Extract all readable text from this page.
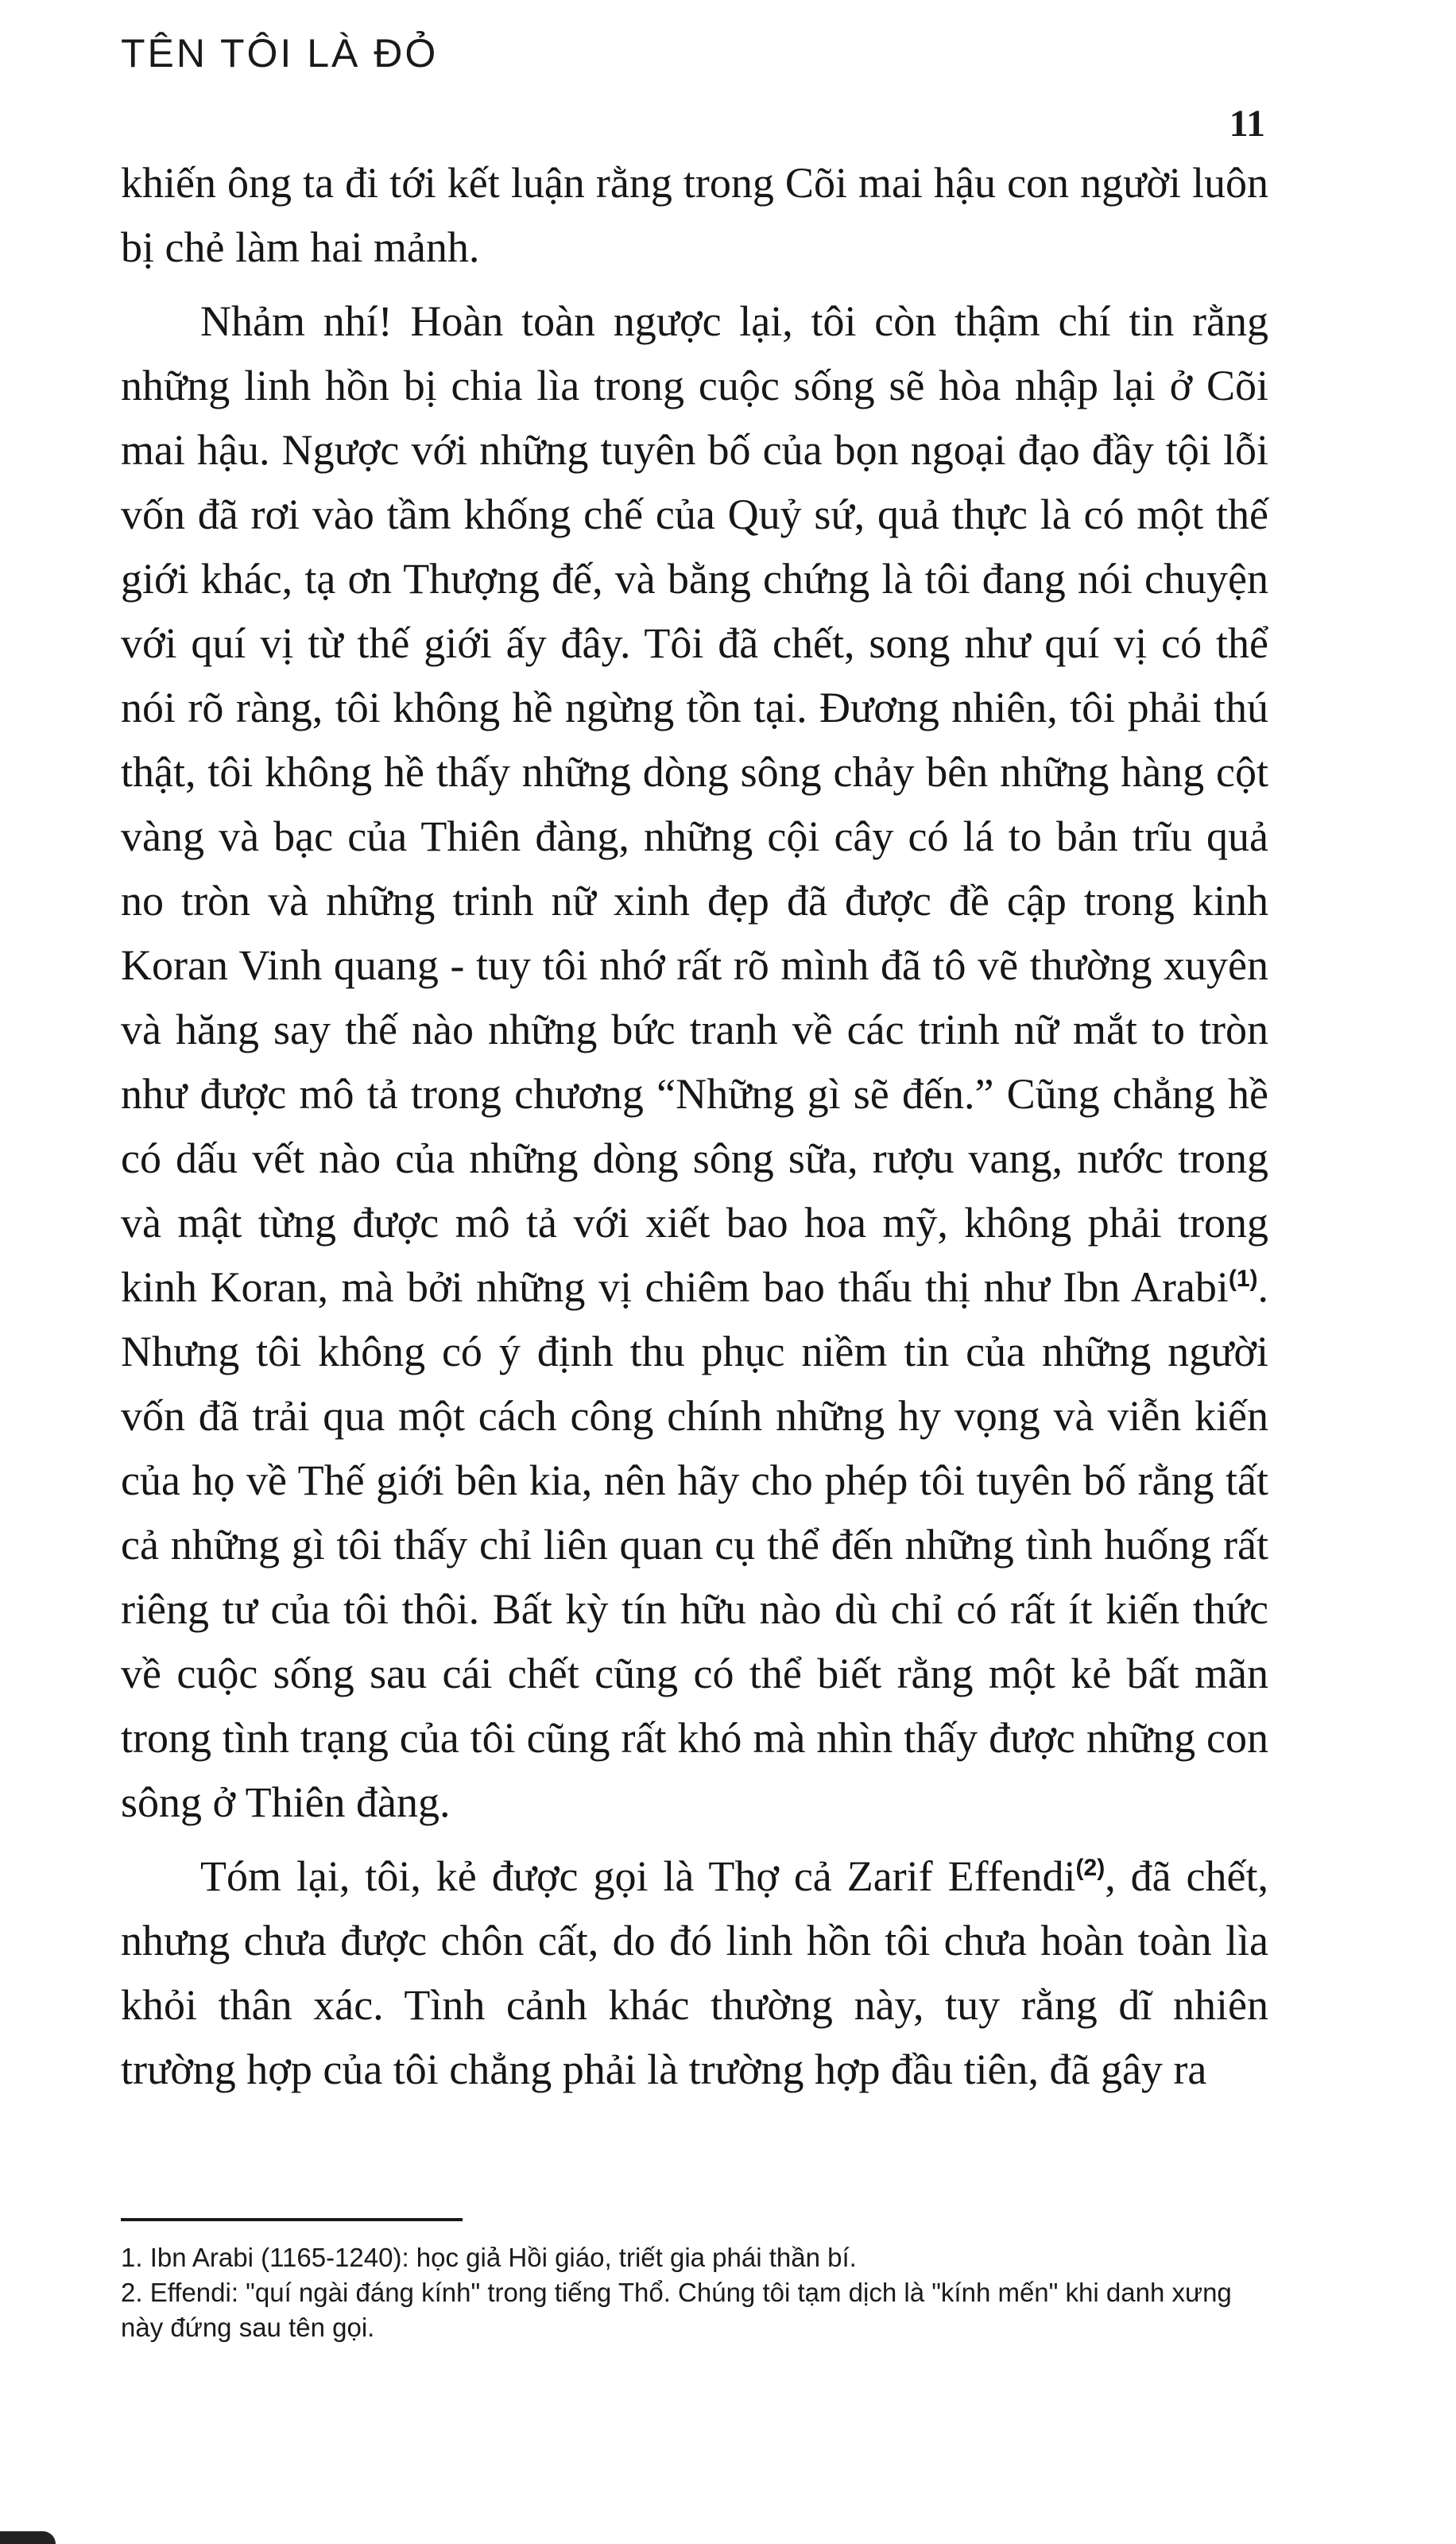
TÊN TÔI LÀ ĐỎ
11

khiến ông ta đi tới kết luận rằng trong Cõi mai hậu con người luôn bị chẻ làm hai mảnh.

Nhảm nhí! Hoàn toàn ngược lại, tôi còn thậm chí tin rằng những linh hồn bị chia lìa trong cuộc sống sẽ hòa nhập lại ở Cõi mai hậu. Ngược với những tuyên bố của bọn ngoại đạo đầy tội lỗi vốn đã rơi vào tầm khống chế của Quỷ sứ, quả thực là có một thế giới khác, tạ ơn Thượng đế, và bằng chứng là tôi đang nói chuyện với quí vị từ thế giới ấy đây. Tôi đã chết, song như quí vị có thể nói rõ ràng, tôi không hề ngừng tồn tại. Đương nhiên, tôi phải thú thật, tôi không hề thấy những dòng sông chảy bên những hàng cột vàng và bạc của Thiên đàng, những cội cây có lá to bản trĩu quả no tròn và những trinh nữ xinh đẹp đã được đề cập trong kinh Koran Vinh quang - tuy tôi nhớ rất rõ mình đã tô vẽ thường xuyên và hăng say thế nào những bức tranh về các trinh nữ mắt to tròn như được mô tả trong chương “Những gì sẽ đến.” Cũng chẳng hề có dấu vết nào của những dòng sông sữa, rượu vang, nước trong và mật từng được mô tả với xiết bao hoa mỹ, không phải trong kinh Koran, mà bởi những vị chiêm bao thấu thị như Ibn Arabi$^{(1)}$. Nhưng tôi không có ý định thu phục niềm tin của những người vốn đã trải qua một cách công chính những hy vọng và viễn kiến của họ về Thế giới bên kia, nên hãy cho phép tôi tuyên bố rằng tất cả những gì tôi thấy chỉ liên quan cụ thể đến những tình huống rất riêng tư của tôi thôi. Bất kỳ tín hữu nào dù chỉ có rất ít kiến thức về cuộc sống sau cái chết cũng có thể biết rằng một kẻ bất mãn trong tình trạng của tôi cũng rất khó mà nhìn thấy được những con sông ở Thiên đàng.

Tóm lại, tôi, kẻ được gọi là Thợ cả Zarif Effendi$^{(2)}$, đã chết, nhưng chưa được chôn cất, do đó linh hồn tôi chưa hoàn toàn lìa khỏi thân xác. Tình cảnh khác thường này, tuy rằng dĩ nhiên trường hợp của tôi chẳng phải là trường hợp đầu tiên, đã gây ra

1. Ibn Arabi (1165-1240): học giả Hồi giáo, triết gia phái thần bí.

2. Effendi: "quí ngài đáng kính" trong tiếng Thổ. Chúng tôi tạm dịch là "kính mến" khi danh xưng này đứng sau tên gọi.
